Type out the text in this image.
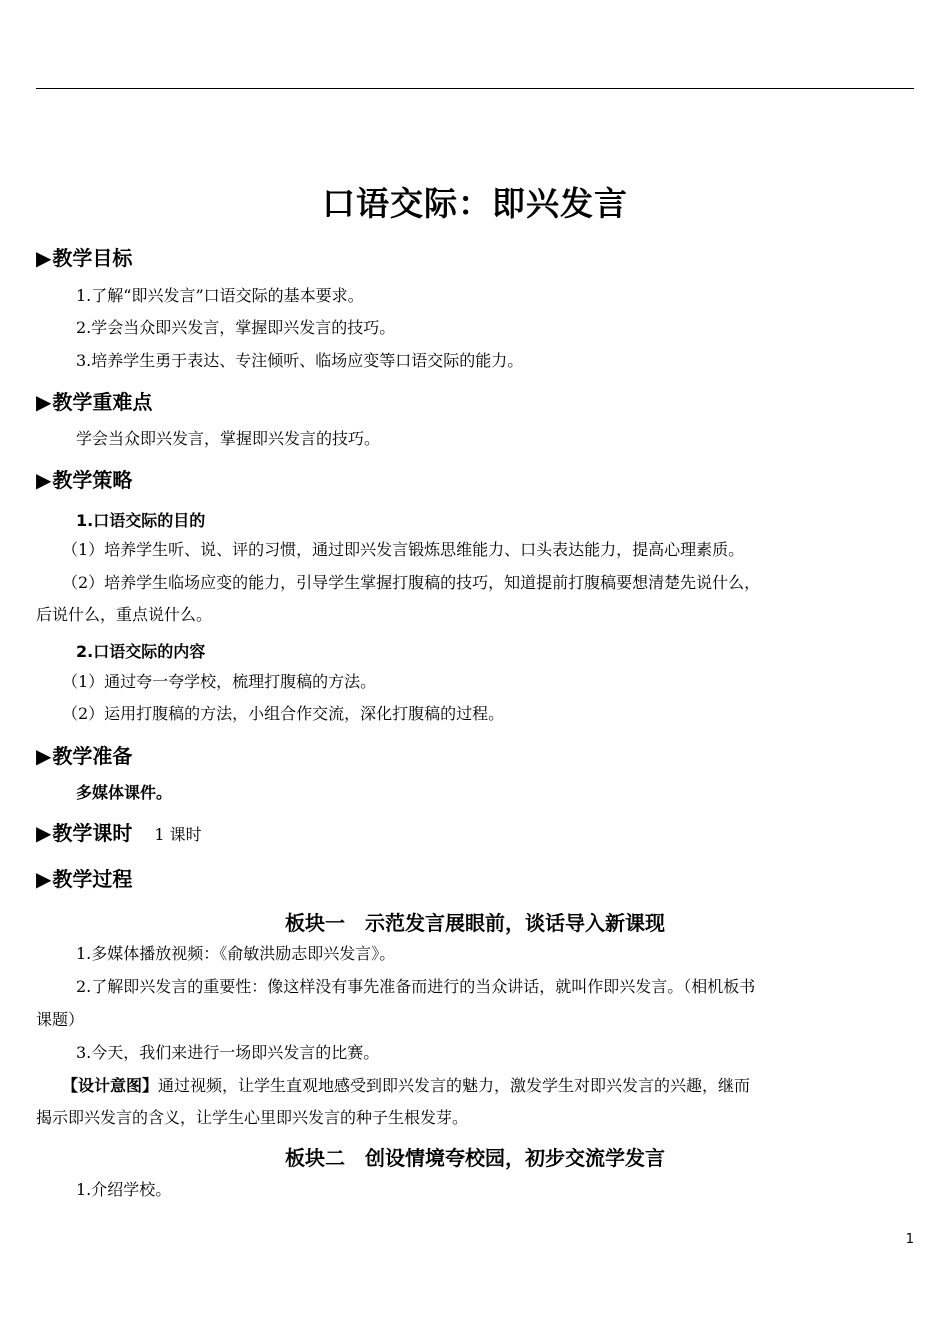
口语交际：即兴发言
▶教学目标
1.了解“即兴发言”口语交际的基本要求。
2.学会当众即兴发言，掌握即兴发言的技巧。
3.培养学生勇于表达、专注倾听、临场应变等口语交际的能力。
▶教学重难点
学会当众即兴发言，掌握即兴发言的技巧。
▶教学策略
1.口语交际的目的
（1）培养学生听、说、评的习惯，通过即兴发言锻炼思维能力、口头表达能力，提高心理素质。
（2）培养学生临场应变的能力，引导学生掌握打腹稿的技巧，知道提前打腹稿要想清楚先说什么，
后说什么，重点说什么。
2.口语交际的内容
（1）通过夸一夸学校，梳理打腹稿的方法。
（2）运用打腹稿的方法，小组合作交流，深化打腹稿的过程。
▶教学准备
多媒体课件。
▶教学课时 1 课时
▶教学过程
板块一　示范发言展眼前，谈话导入新课现
1.多媒体播放视频：《俞敏洪励志即兴发言》。
2.了解即兴发言的重要性：像这样没有事先准备而进行的当众讲话，就叫作即兴发言。（相机板书
课题）
3.今天，我们来进行一场即兴发言的比赛。
【设计意图】通过视频，让学生直观地感受到即兴发言的魅力，激发学生对即兴发言的兴趣，继而
揭示即兴发言的含义，让学生心里即兴发言的种子生根发芽。
板块二　创设情境夸校园，初步交流学发言
1.介绍学校。
1
